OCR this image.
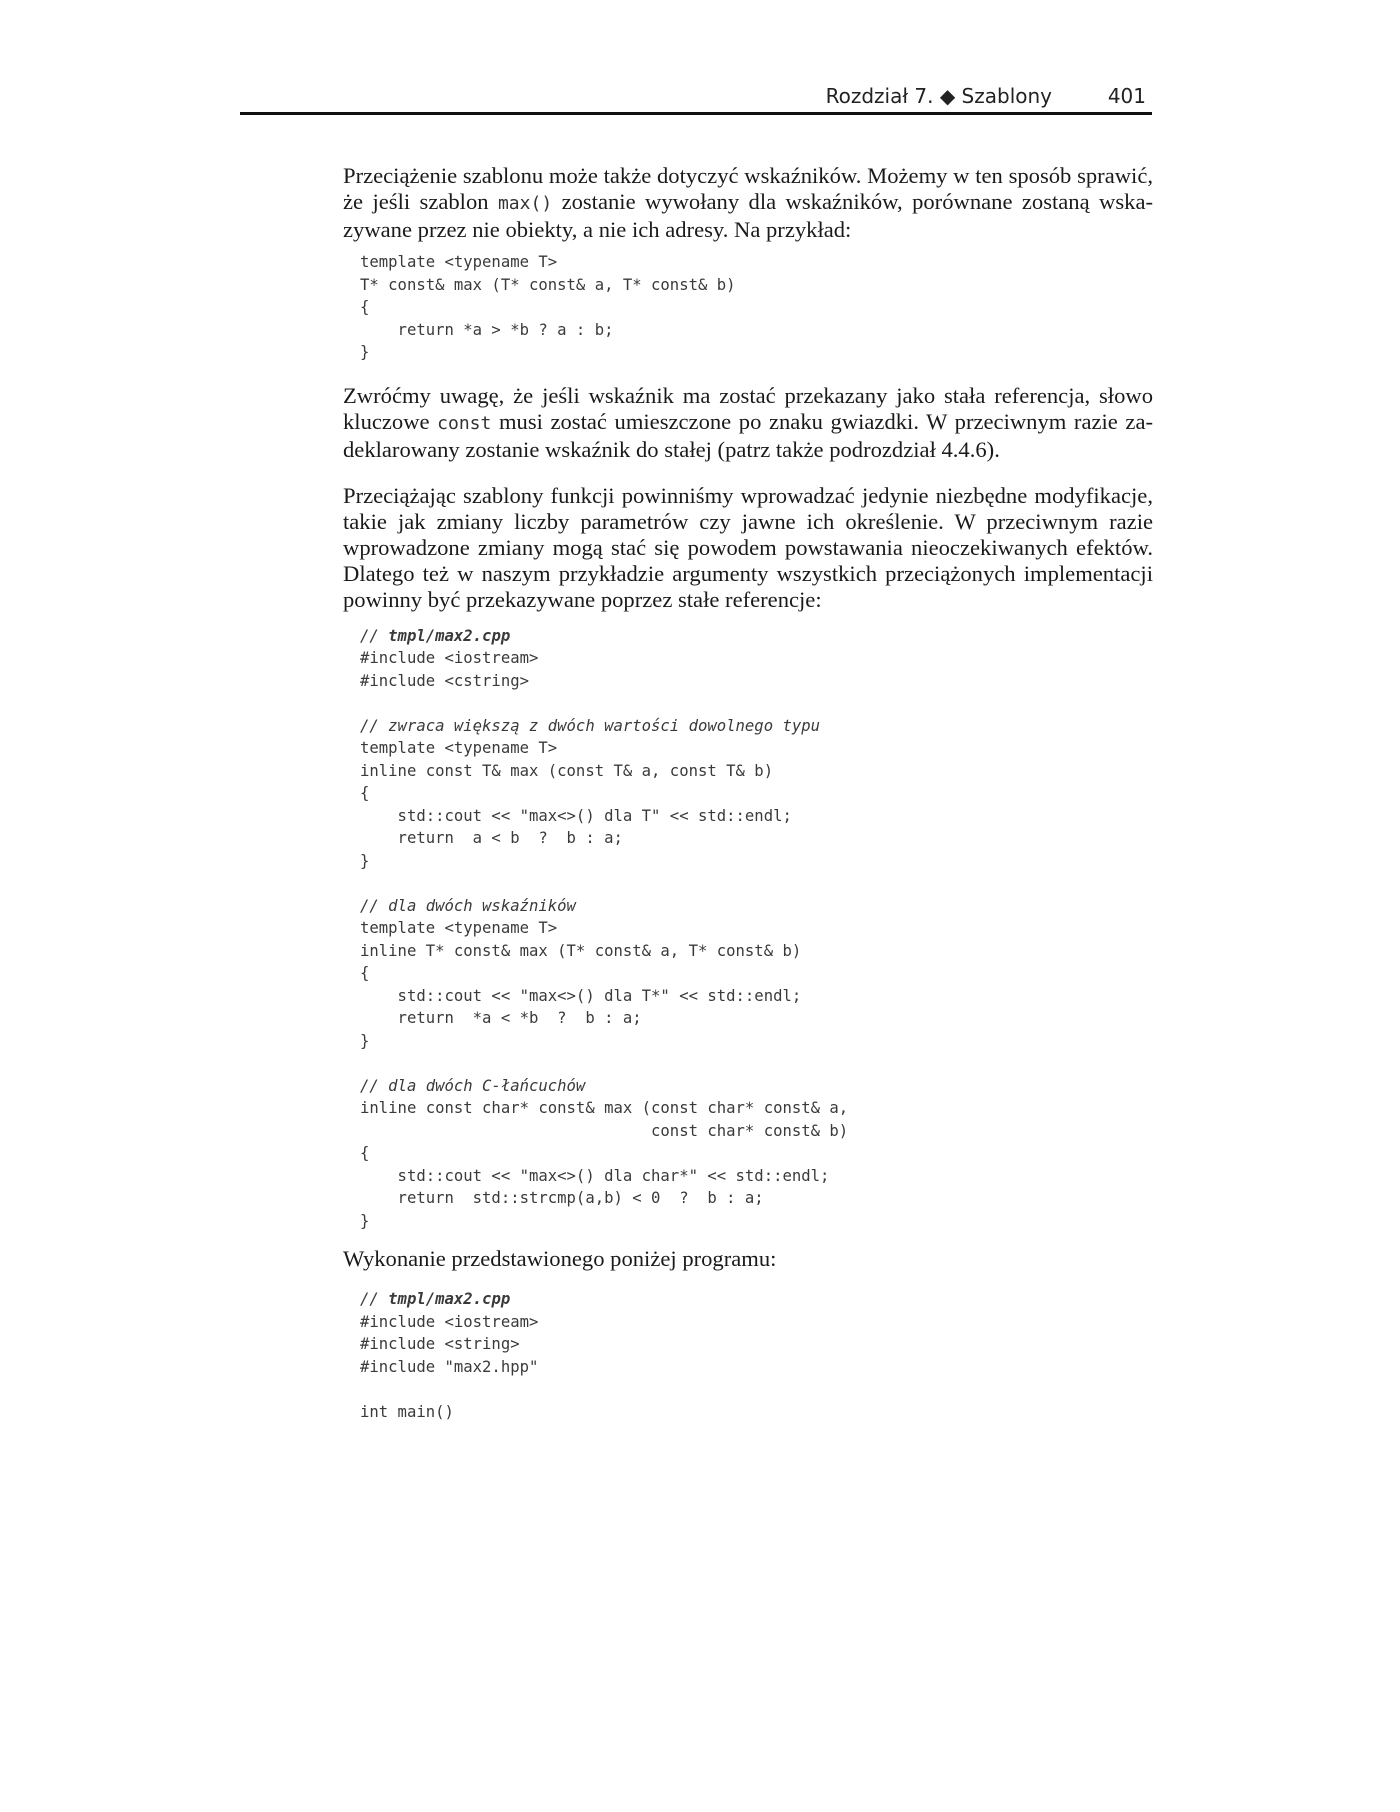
Rozdział 7. ◆ Szablony	401

Przeciążenie szablonu może także dotyczyć wskaźników. Możemy w ten sposób sprawić, że jeśli szablon max() zostanie wywołany dla wskaźników, porównane zostaną wskazywane przez nie obiekty, a nie ich adresy. Na przykład:

template <typename T>
T* const& max (T* const& a, T* const& b)
{
return *a > *b ? a : b;
}

Zwróćmy uwagę, że jeśli wskaźnik ma zostać przekazany jako stała referencja, słowo kluczowe const musi zostać umieszczone po znaku gwiazdki. W przeciwnym razie zadeklarowany zostanie wskaźnik do stałej (patrz także podrozdział 4.4.6).

Przeciążając szablony funkcji powinniśmy wprowadzać jedynie niezbędne modyfikacje, takie jak zmiany liczby parametrów czy jawne ich określenie. W przeciwnym razie wprowadzone zmiany mogą stać się powodem powstawania nieoczekiwanych efektów. Dlatego też w naszym przykładzie argumenty wszystkich przeciążonych implementacji powinny być przekazywane poprzez stałe referencje:

// tmpl/max2.cpp
#include <iostream>
#include <cstring>

// zwraca większą z dwóch wartości dowolnego typu
template <typename T>
inline const T& max (const T& a, const T& b)
{
std::cout << "max<>() dla T" << std::endl;
return  a < b  ?  b : a;
}

// dla dwóch wskaźników
template <typename T>
inline T* const& max (T* const& a, T* const& b)
{
std::cout << "max<>() dla T*" << std::endl;
return  *a < *b  ?  b : a;
}

// dla dwóch C-łańcuchów
inline const char* const& max (const char* const& a,
const char* const& b)
{
std::cout << "max<>() dla char*" << std::endl;
return  std::strcmp(a,b) < 0  ?  b : a;
}

Wykonanie przedstawionego poniżej programu:

// tmpl/max2.cpp
#include <iostream>
#include <string>
#include "max2.hpp"

int main()
